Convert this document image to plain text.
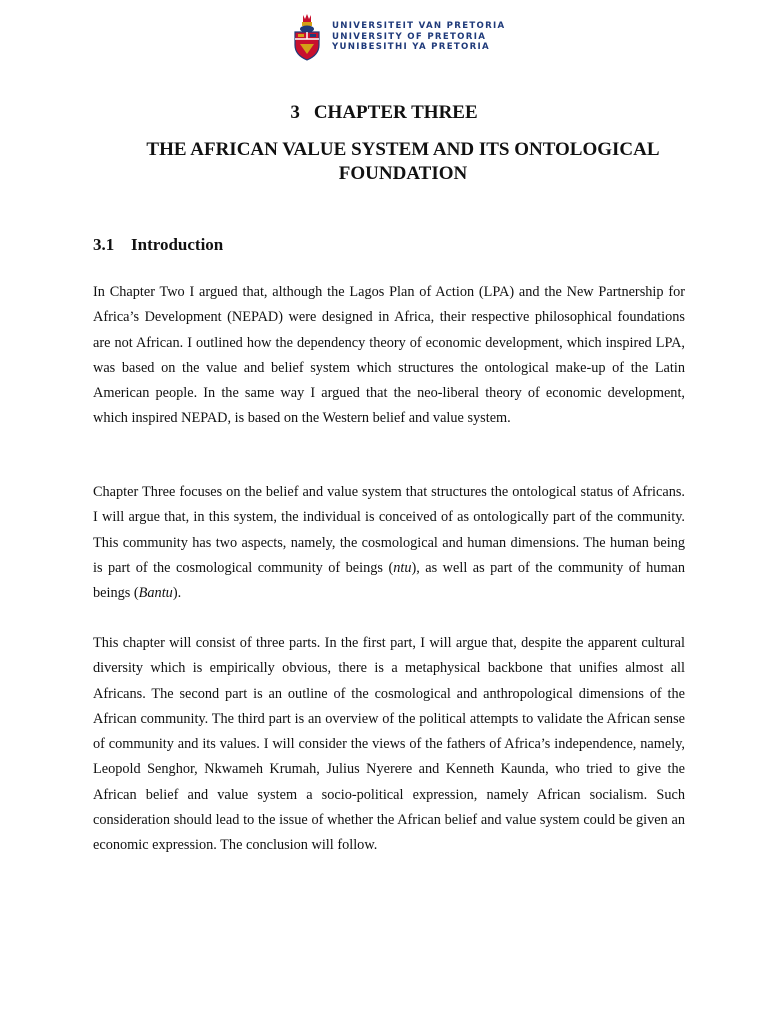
UNIVERSITEIT VAN PRETORIA
UNIVERSITY OF PRETORIA
YUNIBESITHI YA PRETORIA
3 CHAPTER THREE
THE AFRICAN VALUE SYSTEM AND ITS ONTOLOGICAL FOUNDATION
3.1 Introduction

In Chapter Two I argued that, although the Lagos Plan of Action (LPA) and the New Partnership for Africa’s Development (NEPAD) were designed in Africa, their respective philosophical foundations are not African. I outlined how the dependency theory of economic development, which inspired LPA, was based on the value and belief system which structures the ontological make-up of the Latin American people. In the same way I argued that the neo-liberal theory of economic development, which inspired NEPAD, is based on the Western belief and value system.

Chapter Three focuses on the belief and value system that structures the ontological status of Africans. I will argue that, in this system, the individual is conceived of as ontologically part of the community. This community has two aspects, namely, the cosmological and human dimensions. The human being is part of the cosmological community of beings (ntu), as well as part of the community of human beings (Bantu).

This chapter will consist of three parts. In the first part, I will argue that, despite the apparent cultural diversity which is empirically obvious, there is a metaphysical backbone that unifies almost all Africans. The second part is an outline of the cosmological and anthropological dimensions of the African community. The third part is an overview of the political attempts to validate the African sense of community and its values. I will consider the views of the fathers of Africa’s independence, namely, Leopold Senghor, Nkwameh Krumah, Julius Nyerere and Kenneth Kaunda, who tried to give the African belief and value system a socio-political expression, namely African socialism. Such consideration should lead to the issue of whether the African belief and value system could be given an economic expression. The conclusion will follow.
